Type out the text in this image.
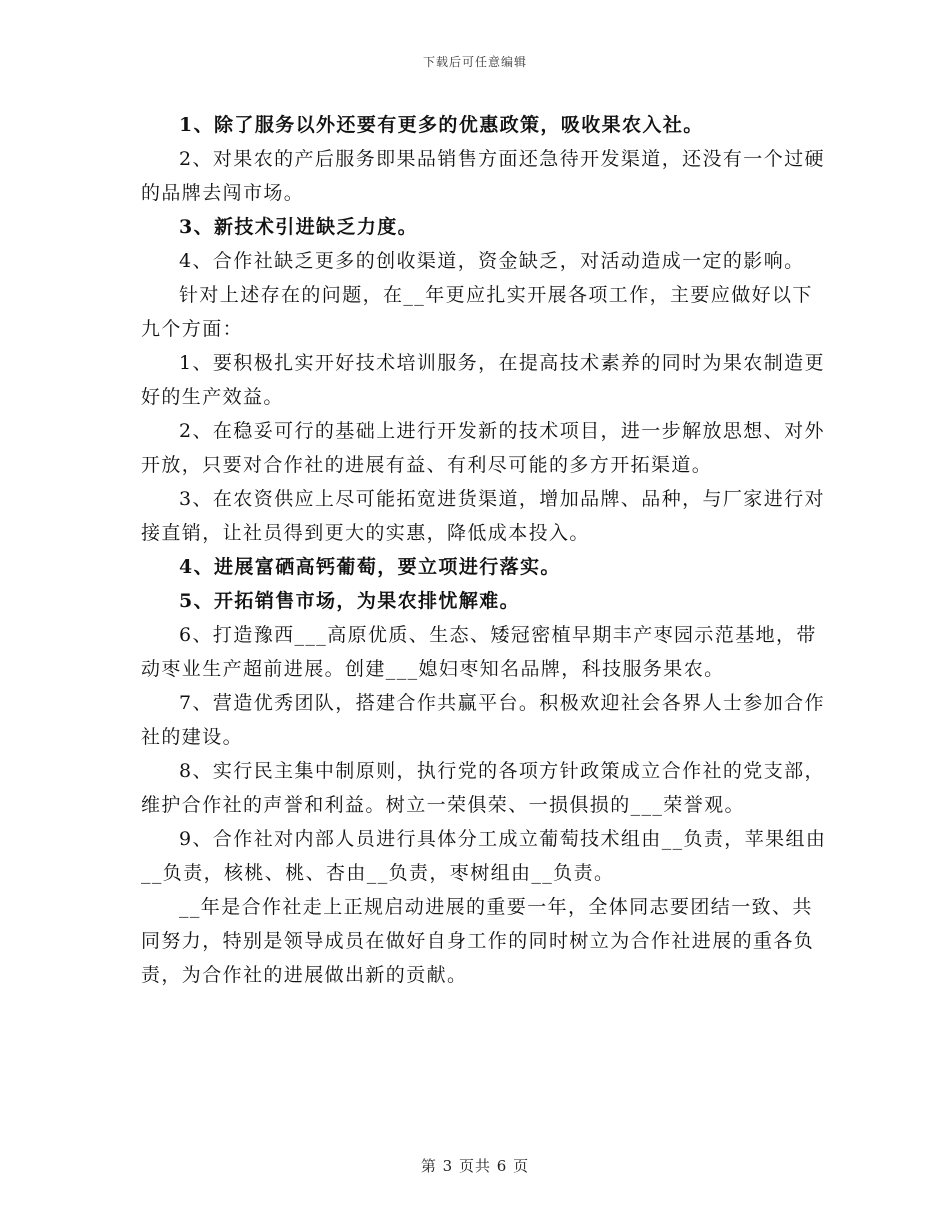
下载后可任意编辑

1、除了服务以外还要有更多的优惠政策，吸收果农入社。

2、对果农的产后服务即果品销售方面还急待开发渠道，还没有一个过硬的品牌去闯市场。

3、新技术引进缺乏力度。

4、合作社缺乏更多的创收渠道，资金缺乏，对活动造成一定的影响。

针对上述存在的问题，在__年更应扎实开展各项工作，主要应做好以下九个方面：

1、要积极扎实开好技术培训服务，在提高技术素养的同时为果农制造更好的生产效益。

2、在稳妥可行的基础上进行开发新的技术项目，进一步解放思想、对外开放，只要对合作社的进展有益、有利尽可能的多方开拓渠道。

3、在农资供应上尽可能拓宽进货渠道，增加品牌、品种，与厂家进行对接直销，让社员得到更大的实惠，降低成本投入。

4、进展富硒高钙葡萄，要立项进行落实。

5、开拓销售市场，为果农排忧解难。

6、打造豫西___高原优质、生态、矮冠密植早期丰产枣园示范基地，带动枣业生产超前进展。创建___媳妇枣知名品牌，科技服务果农。

7、营造优秀团队，搭建合作共赢平台。积极欢迎社会各界人士参加合作社的建设。

8、实行民主集中制原则，执行党的各项方针政策成立合作社的党支部，维护合作社的声誉和利益。树立一荣俱荣、一损俱损的___荣誉观。

9、合作社对内部人员进行具体分工成立葡萄技术组由__负责，苹果组由__负责，核桃、桃、杏由__负责，枣树组由__负责。

__年是合作社走上正规启动进展的重要一年，全体同志要团结一致、共同努力，特别是领导成员在做好自身工作的同时树立为合作社进展的重各负责，为合作社的进展做出新的贡献。

第 3 页共 6 页
